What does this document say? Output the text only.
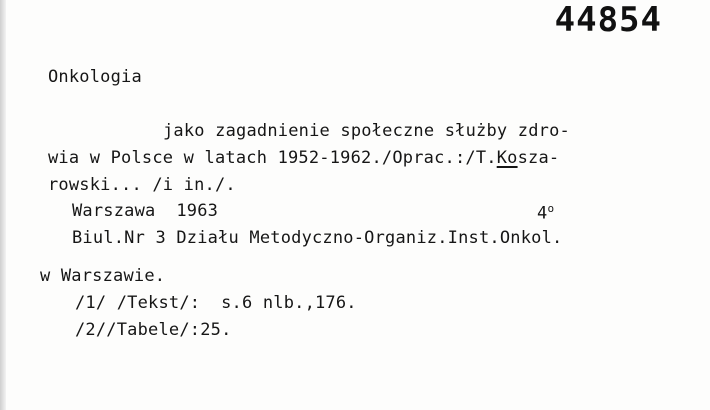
44854
Onkologia
jako zagadnienie społeczne służby zdro-
wia w Polsce w latach 1952-1962./Oprac.:/T.Kosza-
rowski... /i in./.
Warszawa  1963	4$^o$
Biul.Nr 3 Działu Metodyczno-Organiz.Inst.Onkol.
w Warszawie.
/1/ /Tekst/:  s.6 nlb.,176.
/2//Tabele/:25.
